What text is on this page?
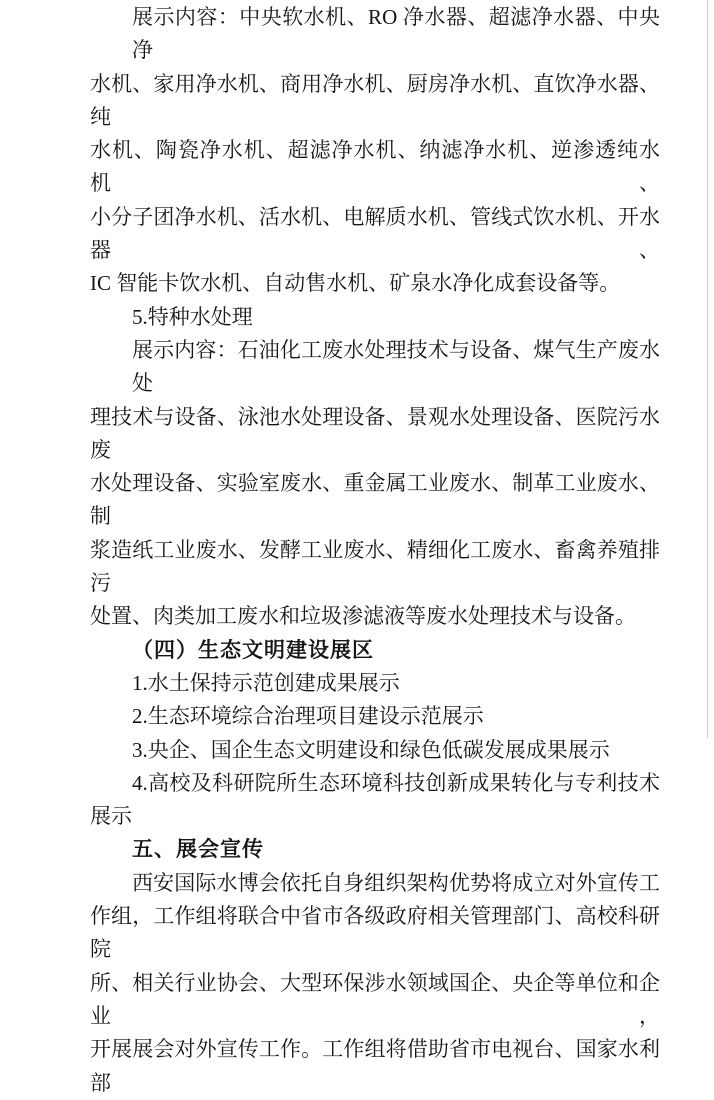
展示内容：中央软水机、RO 净水器、超滤净水器、中央净
水机、家用净水机、商用净水机、厨房净水机、直饮净水器、纯
水机、陶瓷净水机、超滤净水机、纳滤净水机、逆渗透纯水机、
小分子团净水机、活水机、电解质水机、管线式饮水机、开水器、
IC 智能卡饮水机、自动售水机、矿泉水净化成套设备等。
5.特种水处理
展示内容：石油化工废水处理技术与设备、煤气生产废水处
理技术与设备、泳池水处理设备、景观水处理设备、医院污水废
水处理设备、实验室废水、重金属工业废水、制革工业废水、制
浆造纸工业废水、发酵工业废水、精细化工废水、畜禽养殖排污
处置、肉类加工废水和垃圾渗滤液等废水处理技术与设备。
（四）生态文明建设展区
1.水土保持示范创建成果展示
2.生态环境综合治理项目建设示范展示
3.央企、国企生态文明建设和绿色低碳发展成果展示
4.高校及科研院所生态环境科技创新成果转化与专利技术
展示
五、展会宣传
西安国际水博会依托自身组织架构优势将成立对外宣传工
作组，工作组将联合中省市各级政府相关管理部门、高校科研院
所、相关行业协会、大型环保涉水领域国企、央企等单位和企业，
开展展会对外宣传工作。工作组将借助省市电视台、国家水利部
